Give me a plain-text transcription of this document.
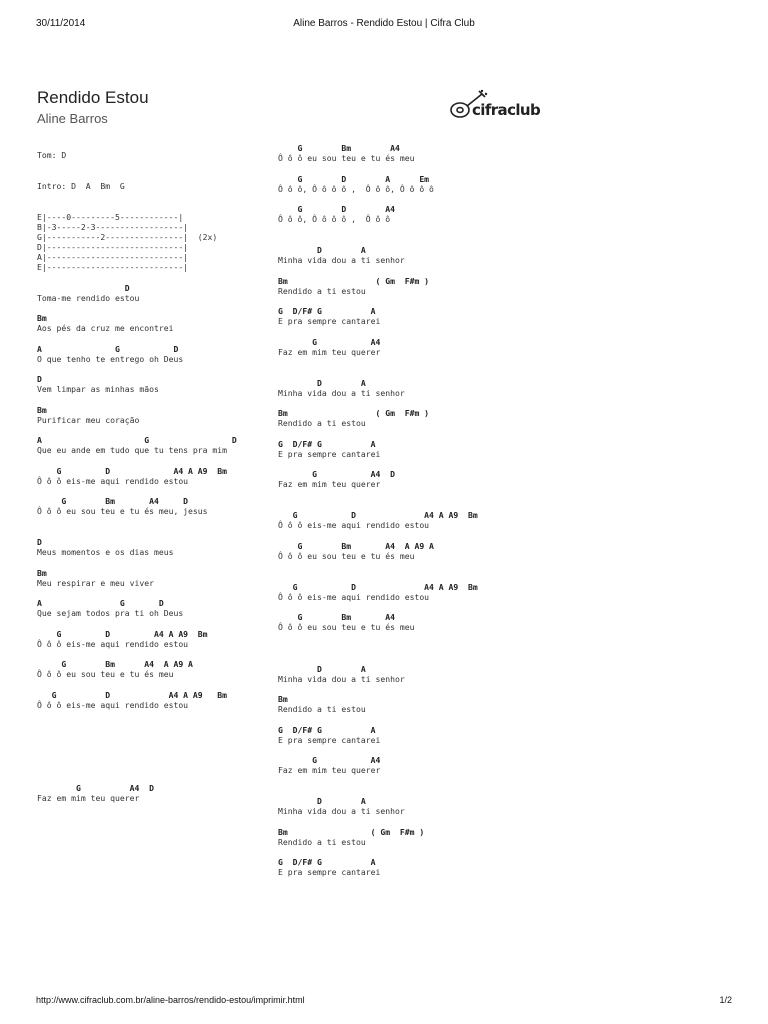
30/11/2014	Aline Barros - Rendido Estou | Cifra Club
Rendido Estou
Aline Barros	cifraclub
Tom: D
Intro: D  A  Bm  G
E|----0---------5------------|
B|-3-----2-3------------------|
G|-----------2----------------|  (2x)
D|----------------------------|
A|----------------------------|
E|----------------------------|
D
Toma-me rendido estou
Bm
Aos pés da cruz me encontrei
A               G           D
O que tenho te entrego oh Deus
D
Vem limpar as minhas mãos
Bm
Purificar meu coração
A                     G                 D
Que eu ande em tudo que tu tens pra mim
G         D             A4 A A9  Bm
Ô ô ô eis-me aqui rendido estou
G        Bm       A4     D
Ô ô ô eu sou teu e tu és meu, jesus
D
Meus momentos e os dias meus
Bm
Meu respirar e meu viver
A                G       D
Que sejam todos pra ti oh Deus
G         D         A4 A A9  Bm
Ô ô ô eis-me aqui rendido estou
G        Bm      A4  A A9 A
Ô ô ô eu sou teu e tu és meu
G          D            A4 A A9   Bm
Ô ô ô eis-me aqui rendido estou
G          A4  D
Faz em mim teu querer
G        Bm        A4
Ô ô ô eu sou teu e tu és meu
G        D        A      Em
Ô ô ô, Ô ô ô ô ,  Ô ô ô, Ô ô ô ô
G        D        A4
Ô ô ô, Ô ô ô ô ,  Ô ô ô
D        A
Minha vida dou a ti senhor
Bm                  ( Gm  F#m )
Rendido a ti estou
G  D/F# G          A
E pra sempre cantarei
G           A4
Faz em mim teu querer
D        A
Minha vida dou a ti senhor
Bm                  ( Gm  F#m )
Rendido a ti estou
G  D/F# G          A
E pra sempre cantarei
G           A4  D
Faz em mim teu querer
G           D              A4 A A9  Bm
Ô ô ô eis-me aqui rendido estou
G        Bm       A4  A A9 A
Ô ô ô eu sou teu e tu és meu
G           D              A4 A A9  Bm
Ô ô ô eis-me aqui rendido estou
G        Bm       A4
Ô ô ô eu sou teu e tu és meu
D        A
Minha vida dou a ti senhor
Bm
Rendido a ti estou
G  D/F# G          A
E pra sempre cantarei
G           A4
Faz em mim teu querer
D        A
Minha vida dou a ti senhor
Bm                 ( Gm  F#m )
Rendido a ti estou
G  D/F# G          A
E pra sempre cantarei
http://www.cifraclub.com.br/aline-barros/rendido-estou/imprimir.html	1/2
